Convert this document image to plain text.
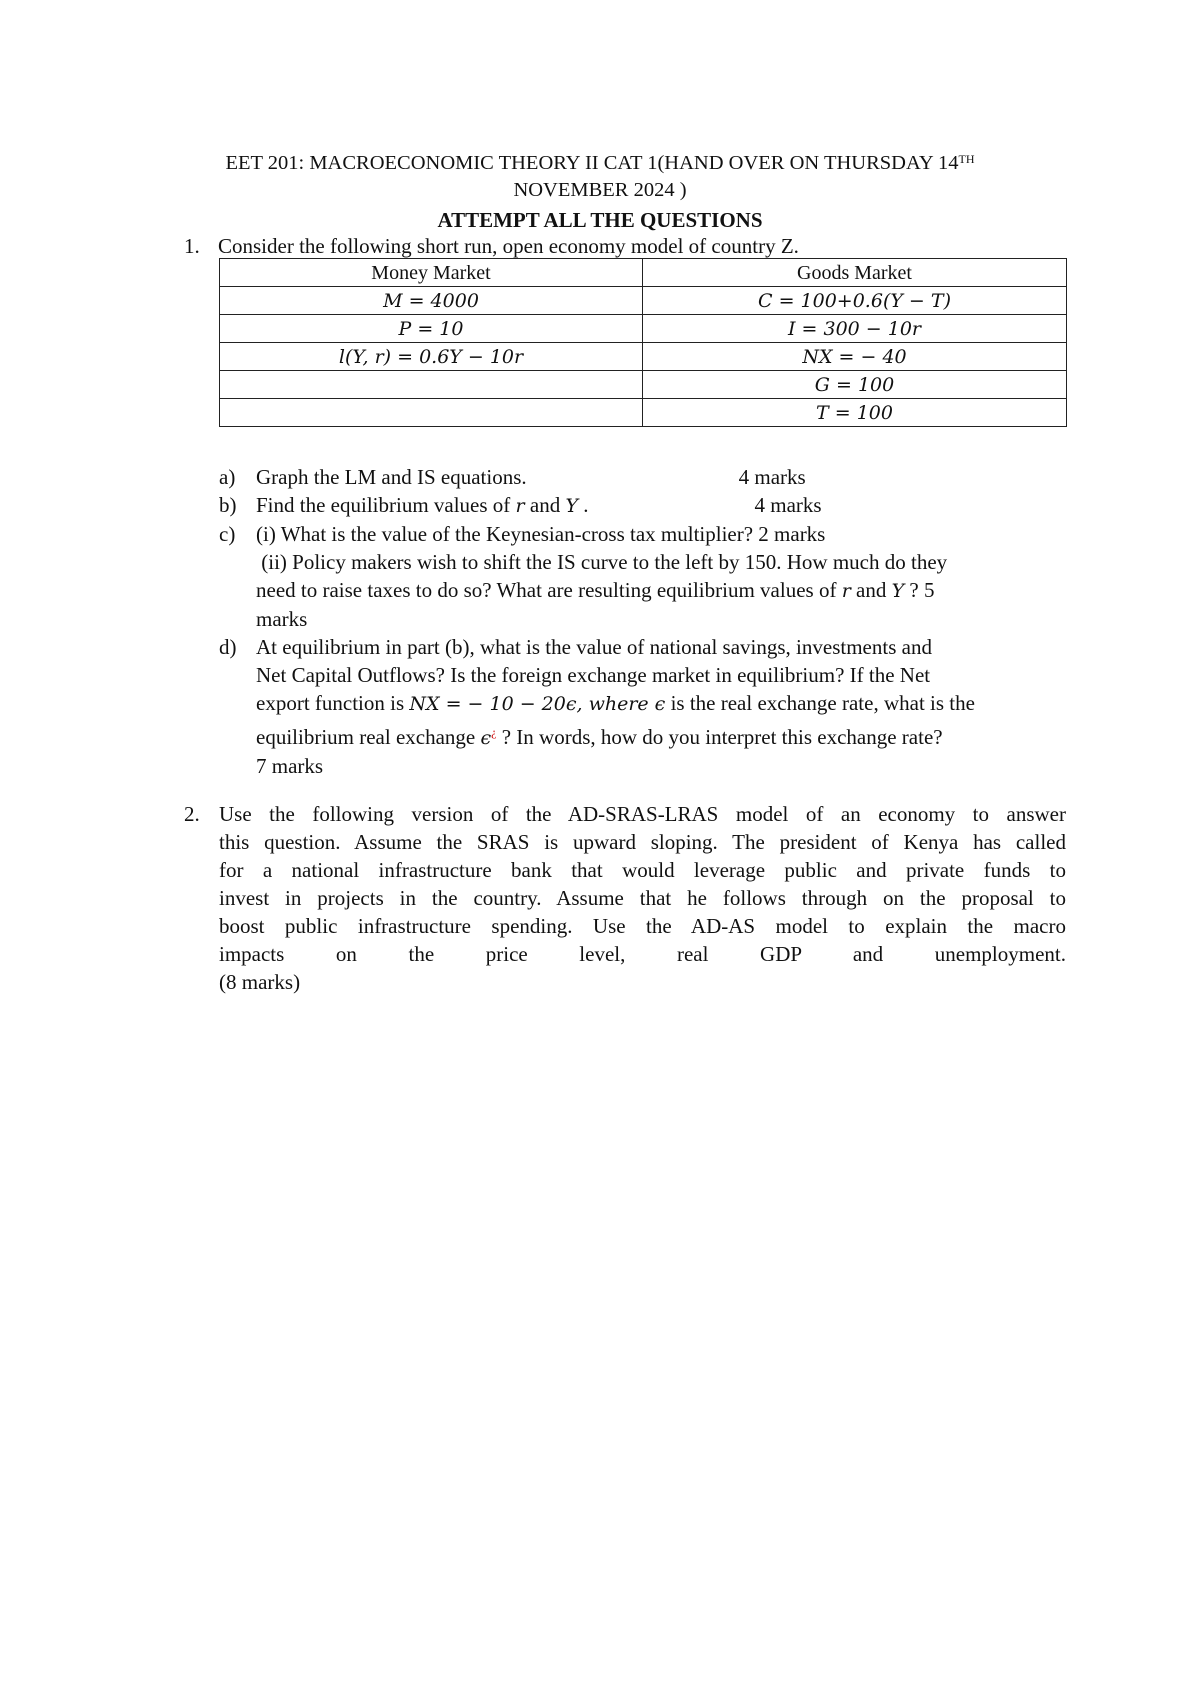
EET 201: MACROECONOMIC THEORY II CAT 1(HAND OVER ON THURSDAY 14TH
NOVEMBER 2024 )
ATTEMPT ALL THE QUESTIONS
1. Consider the following short run, open economy model of country Z.
Money Market	Goods Market
M = 4000	C = 100+0.6(Y − T)
P = 10	I = 300 − 10r
l(Y, r) = 0.6Y − 10r	NX = − 40
	G = 100
	T = 100
a) Graph the LM and IS equations.	4 marks
b) Find the equilibrium values of r and Y .	4 marks
c) (i) What is the value of the Keynesian-cross tax multiplier? 2 marks
(ii) Policy makers wish to shift the IS curve to the left by 150. How much do they
need to raise taxes to do so? What are resulting equilibrium values of r and Y ? 5
marks
d) At equilibrium in part (b), what is the value of national savings, investments and
Net Capital Outflows? Is the foreign exchange market in equilibrium? If the Net
export function is NX = − 10 − 20ϵ, where ϵ is the real exchange rate, what is the
equilibrium real exchange ϵ¿ ? In words, how do you interpret this exchange rate?
7 marks
2. Use the following version of the AD-SRAS-LRAS model of an economy to answer
this question. Assume the SRAS is upward sloping. The president of Kenya has called
for a national infrastructure bank that would leverage public and private funds to
invest in projects in the country. Assume that he follows through on the proposal to
boost public infrastructure spending. Use the AD-AS model to explain the macro
impacts on the price level, real GDP and unemployment.
(8 marks)
